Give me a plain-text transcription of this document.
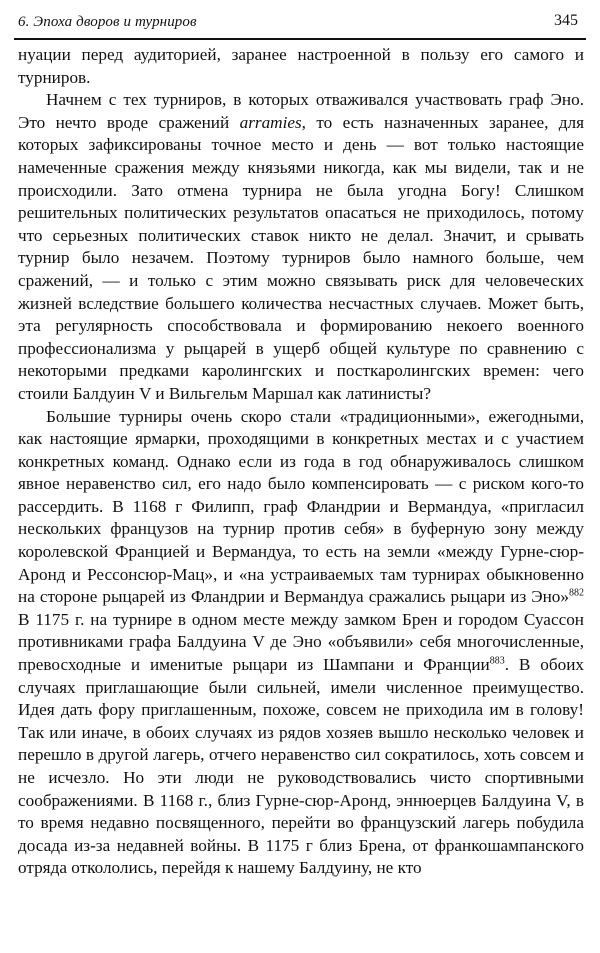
6. Эпоха дворов и турниров	345

нуации перед аудиторией, заранее настроенной в пользу его самого и турниров.

Начнем с тех турниров, в которых отваживался участвовать граф Эно. Это нечто вроде сражений arramies, то есть назначенных заранее, для которых зафиксированы точное место и день — вот только настоящие намеченные сражения между князьями никогда, как мы видели, так и не происходили. Зато отмена турнира не была угодна Богу! Слишком решительных политических результатов опасаться не приходилось, потому что серьезных политических ставок никто не делал. Значит, и срывать турнир было незачем. Поэтому турниров было намного больше, чем сражений, — и только с этим можно связывать риск для человеческих жизней вследствие большего количества несчастных случаев. Может быть, эта регулярность способствовала и формированию некоего военного профессионализма у рыцарей в ущерб общей культуре по сравнению с некоторыми предками каролингских и посткаролингских времен: чего стоили Балдуин V и Вильгельм Маршал как латинисты?

Большие турниры очень скоро стали «традиционными», ежегодными, как настоящие ярмарки, проходящими в конкретных местах и с участием конкретных команд. Однако если из года в год обнаруживалось слишком явное неравенство сил, его надо было компенсировать — с риском кого-то рассердить. В 1168 г Филипп, граф Фландрии и Вермандуа, «пригласил нескольких французов на турнир против себя» в буферную зону между королевской Францией и Вермандуа, то есть на земли «между Гурне-сюр-Аронд и Рессонсюр-Мац», и «на устраиваемых там турнирах обыкновенно на стороне рыцарей из Фландрии и Вермандуа сражались рыцари из Эно»$^{882}$ В 1175 г. на турнире в одном месте между замком Брен и городом Суассон противниками графа Балдуина V де Эно «объявили» себя многочисленные, превосходные и именитые рыцари из Шампани и Франции$^{883}$. В обоих случаях приглашающие были сильней, имели численное преимущество. Идея дать фору приглашенным, похоже, совсем не приходила им в голову! Так или иначе, в обоих случаях из рядов хозяев вышло несколько человек и перешло в другой лагерь, отчего неравенство сил сократилось, хоть совсем и не исчезло. Но эти люди не руководствовались чисто спортивными соображениями. В 1168 г., близ Гурне-сюр-Аронд, эннюерцев Балдуина V, в то время недавно посвященного, перейти во французский лагерь побудила досада из-за недавней войны. В 1175 г близ Брена, от франкошампанского отряда откололись, перейдя к нашему Балдуину, не кто
